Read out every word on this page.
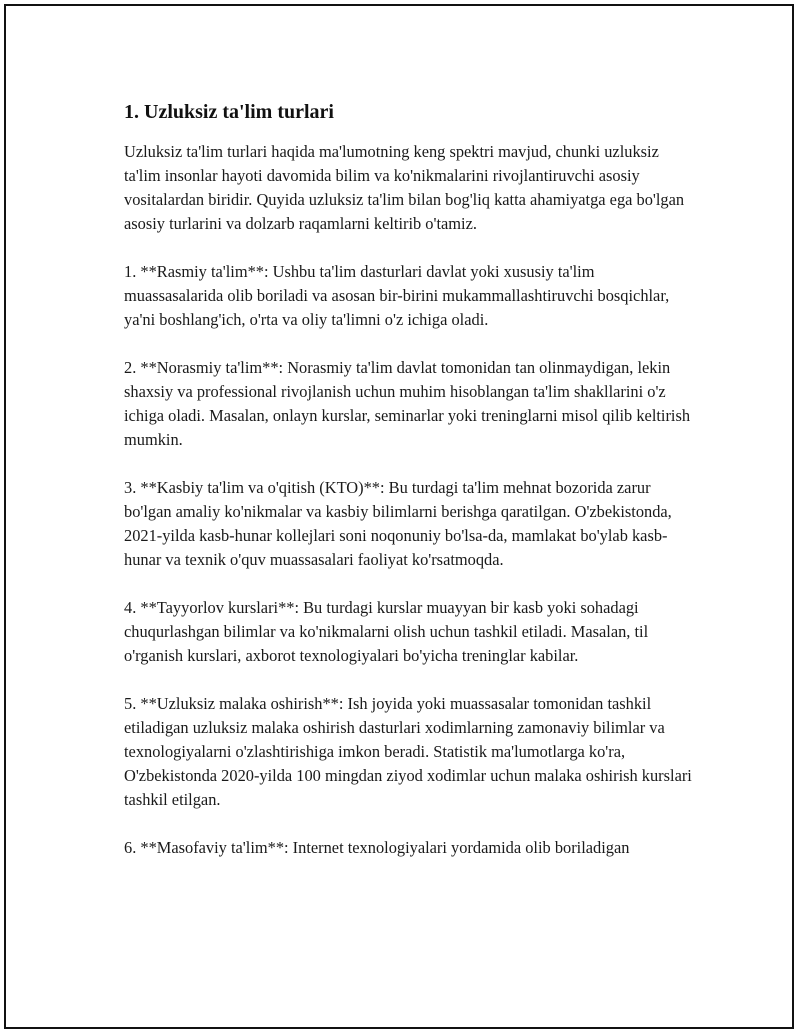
1. Uzluksiz ta'lim turlari

Uzluksiz ta'lim turlari haqida ma'lumotning keng spektri mavjud, chunki uzluksiz ta'lim insonlar hayoti davomida bilim va ko'nikmalarini rivojlantiruvchi asosiy vositalardan biridir. Quyida uzluksiz ta'lim bilan bog'liq katta ahamiyatga ega bo'lgan asosiy turlarini va dolzarb raqamlarni keltirib o'tamiz.

1. **Rasmiy ta'lim**: Ushbu ta'lim dasturlari davlat yoki xususiy ta'lim muassasalarida olib boriladi va asosan bir-birini mukammallashtiruvchi bosqichlar, ya'ni boshlang'ich, o'rta va oliy ta'limni o'z ichiga oladi.

2. **Norasmiy ta'lim**: Norasmiy ta'lim davlat tomonidan tan olinmaydigan, lekin shaxsiy va professional rivojlanish uchun muhim hisoblangan ta'lim shakllarini o'z ichiga oladi. Masalan, onlayn kurslar, seminarlar yoki treninglarni misol qilib keltirish mumkin.

3. **Kasbiy ta'lim va o'qitish (KTO)**: Bu turdagi ta'lim mehnat bozorida zarur bo'lgan amaliy ko'nikmalar va kasbiy bilimlarni berishga qaratilgan. O'zbekistonda, 2021-yilda kasb-hunar kollejlari soni noqonuniy bo'lsa-da, mamlakat bo'ylab kasb-hunar va texnik o'quv muassasalari faoliyat ko'rsatmoqda.

4. **Tayyorlov kurslari**: Bu turdagi kurslar muayyan bir kasb yoki sohadagi chuqurlashgan bilimlar va ko'nikmalarni olish uchun tashkil etiladi. Masalan, til o'rganish kurslari, axborot texnologiyalari bo'yicha treninglar kabilar.

5. **Uzluksiz malaka oshirish**: Ish joyida yoki muassasalar tomonidan tashkil etiladigan uzluksiz malaka oshirish dasturlari xodimlarning zamonaviy bilimlar va texnologiyalarni o'zlashtirishiga imkon beradi. Statistik ma'lumotlarga ko'ra, O'zbekistonda 2020-yilda 100 mingdan ziyod xodimlar uchun malaka oshirish kurslari tashkil etilgan.

6. **Masofaviy ta'lim**: Internet texnologiyalari yordamida olib boriladigan
